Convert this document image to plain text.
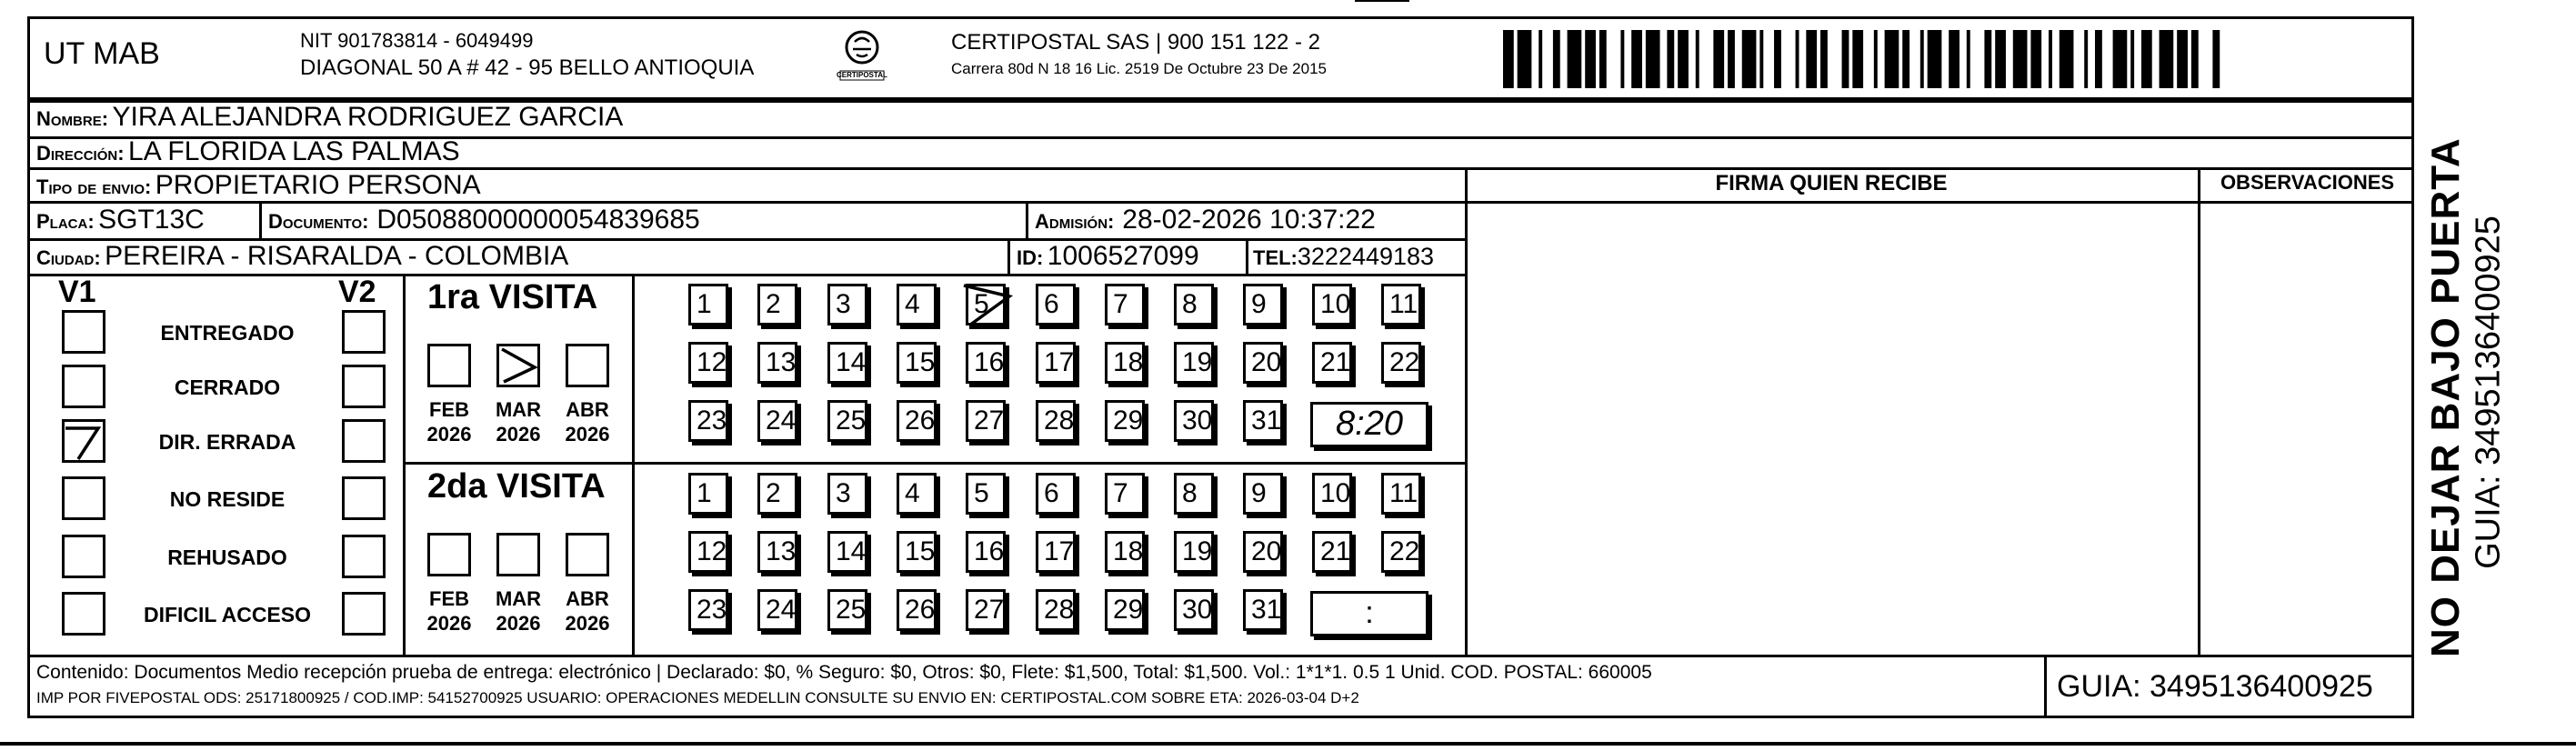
UT MAB	NIT 901783814 - 6049499
DIAGONAL 50 A # 42 - 95 BELLO ANTIOQUIA	CERTIPOSTAL
CERTIPOSTAL SAS | 900 151 122 - 2
Carrera 80d N 18 16 Lic. 2519 De Octubre 23 De 2015
Nombre: YIRA ALEJANDRA RODRIGUEZ GARCIA
Dirección: LA FLORIDA LAS PALMAS
Tipo de envio: PROPIETARIO PERSONA
Placa: SGT13C	Documento: D05088000000054839685	Admisión: 28-02-2026 10:37:22
Ciudad: PEREIRA - RISARALDA - COLOMBIA	ID: 1006527099	TEL:3222449183
FIRMA QUIEN RECIBE	OBSERVACIONES
V1	V2
ENTREGADO
CERRADO
DIR. ERRADA
NO RESIDE
REHUSADO
DIFICIL ACCESO
1ra VISITA
FEB
2026
MAR
2026
ABR
2026
1	2	3	4	5	6	7	8	9	10	11
12	13	14	15	16	17	18	19	20	21	22
23	24	25	26	27	28	29	30	31	8:20
2da VISITA
FEB
2026
MAR
2026
ABR
2026
1	2	3	4	5	6	7	8	9	10	11
12	13	14	15	16	17	18	19	20	21	22
23	24	25	26	27	28	29	30	31	:
Contenido: Documentos Medio recepción prueba de entrega: electrónico | Declarado: $0, % Seguro: $0, Otros: $0, Flete: $1,500, Total: $1,500. Vol.: 1*1*1. 0.5 1 Unid. COD. POSTAL: 660005
IMP POR FIVEPOSTAL ODS: 25171800925 / COD.IMP: 54152700925 USUARIO: OPERACIONES MEDELLIN CONSULTE SU ENVIO EN: CERTIPOSTAL.COM SOBRE ETA: 2026-03-04 D+2	GUIA: 3495136400925
NO DEJAR BAJO PUERTA GUIA: 3495136400925
